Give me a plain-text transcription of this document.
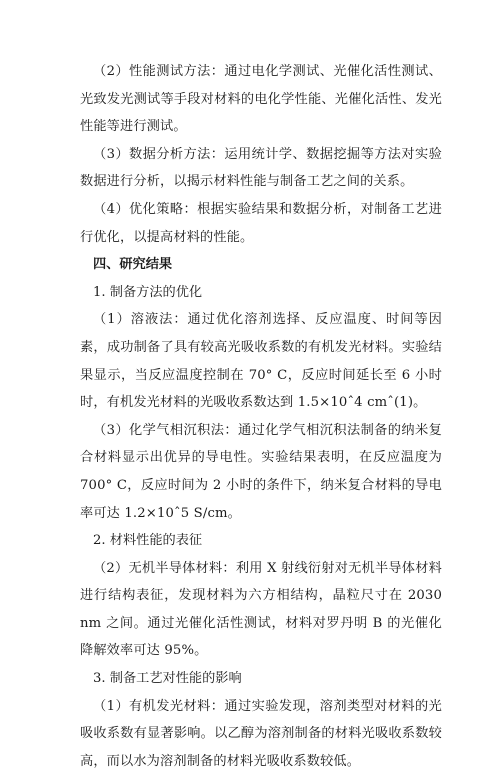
（2）性能测试方法：通过电化学测试、光催化活性测试、光致发光测试等手段对材料的电化学性能、光催化活性、发光性能等进行测试。

（3）数据分析方法：运用统计学、数据挖掘等方法对实验数据进行分析，以揭示材料性能与制备工艺之间的关系。

（4）优化策略：根据实验结果和数据分析，对制备工艺进行优化，以提高材料的性能。

四、研究结果

1. 制备方法的优化

（1）溶液法：通过优化溶剂选择、反应温度、时间等因素，成功制备了具有较高光吸收系数的有机发光材料。实验结果显示，当反应温度控制在 70° C，反应时间延长至 6 小时时，有机发光材料的光吸收系数达到 1.5×10ˆ4 cmˆ(1)。

（3）化学气相沉积法：通过化学气相沉积法制备的纳米复合材料显示出优异的导电性。实验结果表明，在反应温度为 700° C，反应时间为 2 小时的条件下，纳米复合材料的导电率可达 1.2×10ˆ5 S/cm。

2. 材料性能的表征

（2）无机半导体材料：利用 X 射线衍射对无机半导体材料进行结构表征，发现材料为六方相结构，晶粒尺寸在 2030 nm 之间。通过光催化活性测试，材料对罗丹明 B 的光催化降解效率可达 95%。

3. 制备工艺对性能的影响

（1）有机发光材料：通过实验发现，溶剂类型对材料的光吸收系数有显著影响。以乙醇为溶剂制备的材料光吸收系数较高，而以水为溶剂制备的材料光吸收系数较低。
